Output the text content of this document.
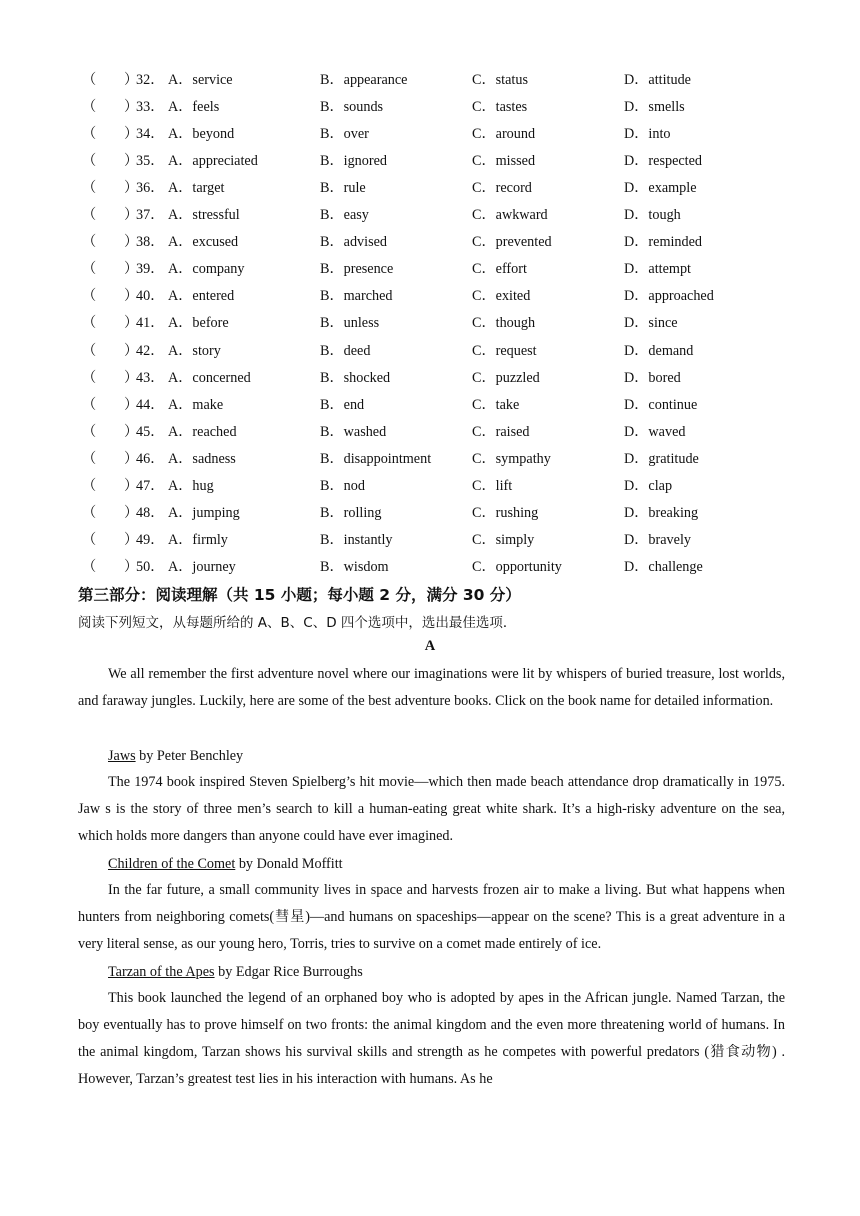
（ ）
32． A．service	B．appearance	C．status	D．attitude
（ ）
33． A．feels	B．sounds	C．tastes	D．smells
（ ）
34． A．beyond	B．over	C．around	D．into
（ ）
35． A．appreciated	B．ignored	C．missed	D．respected
（ ）
36． A．target	B．rule	C．record	D．example
（ ）
37． A．stressful	B．easy	C．awkward	D．tough
（ ）
38． A．excused	B．advised	C．prevented	D．reminded
（ ）
39． A．company	B．presence	C．effort	D．attempt
（ ）
40． A．entered	B．marched	C．exited	D．approached
（ ）
41． A．before	B．unless	C．though	D．since
（ ）
42． A．story	B．deed	C．request	D．demand
（ ）
43． A．concerned	B．shocked	C．puzzled	D．bored
（ ）
44． A．make	B．end	C．take	D．continue
（ ）
45． A．reached	B．washed	C．raised	D．waved
（ ）
46． A．sadness	B．disappointment	C．sympathy	D．gratitude
（ ）
47． A．hug	B．nod	C．lift	D．clap
（ ）
48． A．jumping	B．rolling	C．rushing	D．breaking
（ ）
49． A．firmly	B．instantly	C．simply	D．bravely
（ ）
50． A．journey	B．wisdom	C．opportunity	D．challenge
第三部分：阅读理解（共 15 小题；每小题 2 分，满分 30 分）
阅读下列短文，从每题所给的 A、B、C、D 四个选项中，选出最佳选项．
A

We all remember the first adventure novel where our imaginations were lit by whispers of buried treasure, lost worlds, and faraway jungles. Luckily, here are some of the best adventure books. Click on the book name for detailed information.

Jaws by Peter Benchley

The 1974 book inspired Steven Spielberg’s hit movie—which then made beach attendance drop dramatically in 1975. Jaw s is the story of three men’s search to kill a human-eating great white shark. It’s a high-risky adventure on the sea, which holds more dangers than anyone could have ever imagined.

Children of the Comet by Donald Moffitt

In the far future, a small community lives in space and harvests frozen air to make a living. But what happens when hunters from neighboring comets(彗星)—and humans on spaceships—appear on the scene? This is a great adventure in a very literal sense, as our young hero, Torris, tries to survive on a comet made entirely of ice.

Tarzan of the Apes by Edgar Rice Burroughs

This book launched the legend of an orphaned boy who is adopted by apes in the African jungle. Named Tarzan, the boy eventually has to prove himself on two fronts: the animal kingdom and the even more threatening world of humans. In the animal kingdom, Tarzan shows his survival skills and strength as he competes with powerful predators (猎食动物) . However, Tarzan’s greatest test lies in his interaction with humans. As he
